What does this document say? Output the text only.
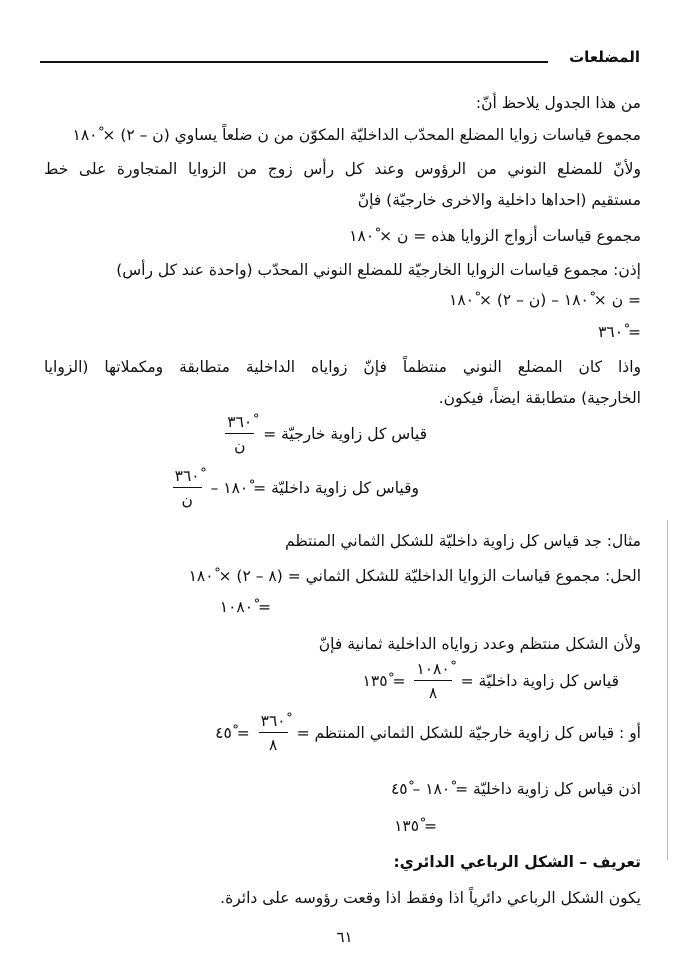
المضلعات
من هذا الجدول يلاحظ أنّ:
مجموع قياسات زوايا المضلع المحدّب الداخليّة المكوّن من ن ضلعاً يساوي (ن – ٢) × ١٨٠ْ
ولأنّ للمضلع النوني من الرؤوس وعند كل رأس زوج من الزوايا المتجاورة على خط
مستقيم (احداها داخلية والاخرى خارجيّة) فإنّ
مجموع قياسات أزواج الزوايا هذه = ن × ١٨٠ْ
إذن: مجموع قياسات الزوايا الخارجيّة للمضلع النوني المحدّب (واحدة عند كل رأس)
= ن × ١٨٠ْ – (ن – ٢) × ١٨٠ْ
= ٣٦٠ْ
واذا كان المضلع النوني منتظماً فإنّ زواياه الداخلية متطابقة ومكملاتها (الزوايا
الخارجية) متطابقة ايضاً، فيكون.
قياس كل زاوية خارجيّة =
$\frac{٣٦٠ْ}{\text{ن}}$
وقياس كل زاوية داخليّة = ١٨٠ْ –
$\frac{٣٦٠ْ}{\text{ن}}$
مثال: جد قياس كل زاوية داخليّة للشكل الثماني المنتظم
الحل: مجموع قياسات الزوايا الداخليّة للشكل الثماني = (٨ – ٢) × ١٨٠ْ
= ١٠٨٠ْ
ولأن الشكل منتظم وعدد زواياه الداخلية ثمانية فإنّ
قياس كل زاوية داخليّة =
$\frac{١٠٨٠ْ}{٨}$
= ١٣٥ْ
أو : قياس كل زاوية خارجيّة للشكل الثماني المنتظم =
$\frac{٣٦٠ْ}{٨}$
= ٤٥ْ
اذن قياس كل زاوية داخليّة = ١٨٠ْ – ٤٥ْ
= ١٣٥ْ
تعريف – الشكل الرباعي الدائري:
يكون الشكل الرباعي دائرياً اذا وفقط اذا وقعت رؤوسه على دائرة.
٦١
